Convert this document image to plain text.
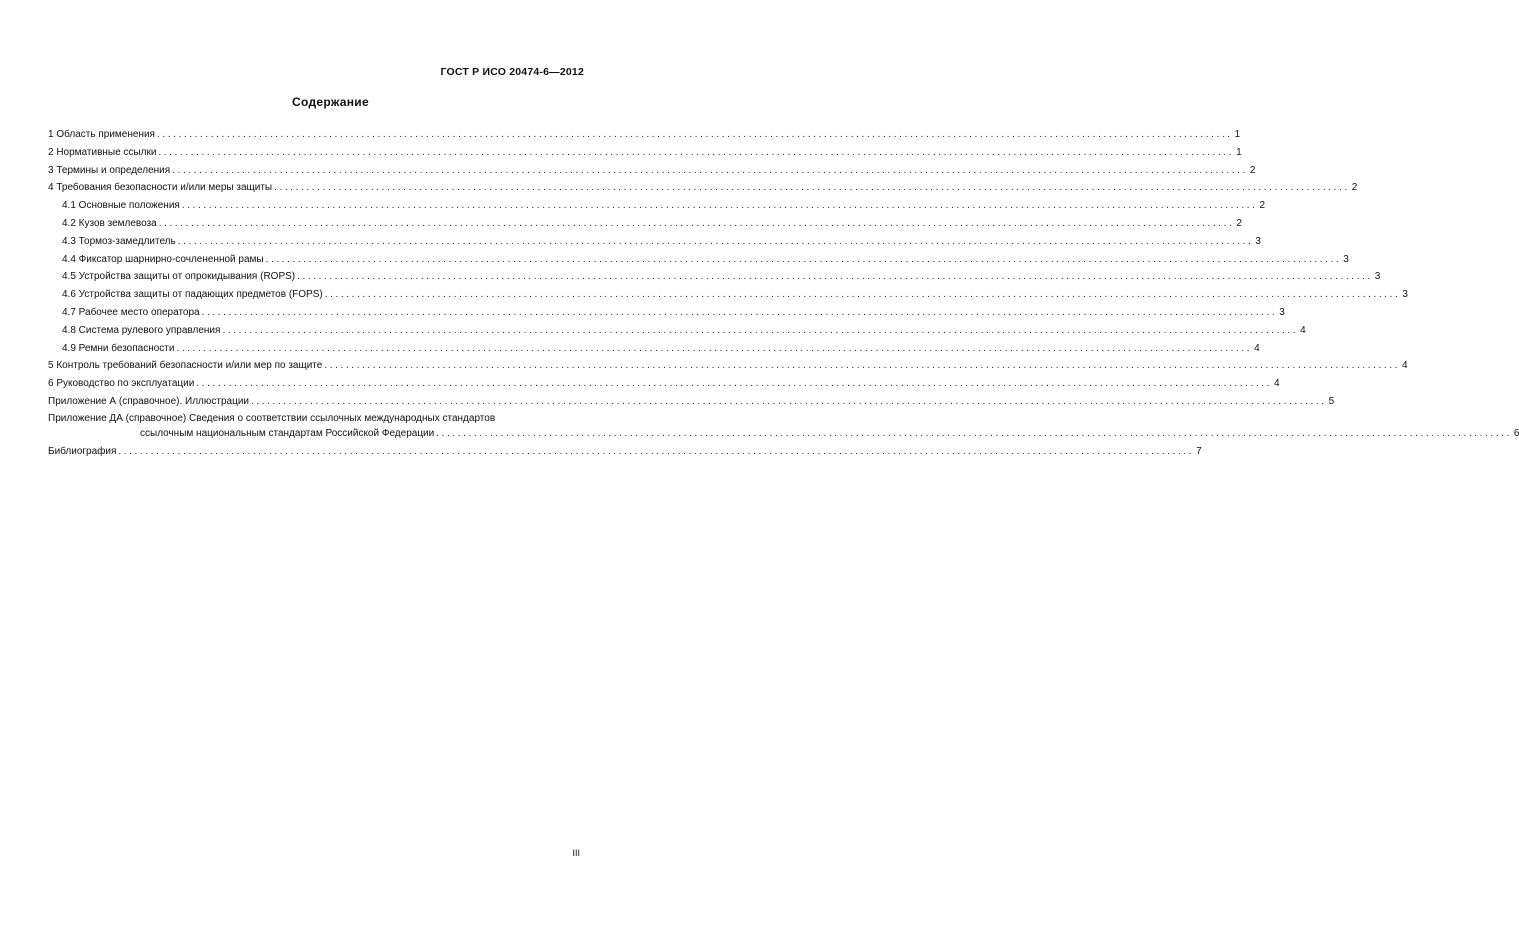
ГОСТ Р ИСО 20474-6—2012
Содержание
1 Область применения ........................................................................................................................................................................................................ 1
2 Нормативные ссылки ........................................................................................................................................................................................................ 1
3 Термины и определения ........................................................................................................................................................................................................ 2
4 Требования безопасности и/или меры защиты ........................................................................................................................................................................................................ 2
4.1 Основные положения ........................................................................................................................................................................................................ 2
4.2 Кузов землевоза ........................................................................................................................................................................................................ 2
4.3 Тормоз-замедлитель ........................................................................................................................................................................................................ 3
4.4 Фиксатор шарнирно-сочлененной рамы ........................................................................................................................................................................................................ 3
4.5 Устройства защиты от опрокидывания (ROPS) ........................................................................................................................................................................................................ 3
4.6 Устройства защиты от падающих предметов (FOPS) ........................................................................................................................................................................................................ 3
4.7 Рабочее место оператора ........................................................................................................................................................................................................ 3
4.8 Система рулевого управления ........................................................................................................................................................................................................ 4
4.9 Ремни безопасности ........................................................................................................................................................................................................ 4
5 Контроль требований безопасности и/или мер по защите ........................................................................................................................................................................................................ 4
6 Руководство по эксплуатации ........................................................................................................................................................................................................ 4
Приложение А (справочное). Иллюстрации ........................................................................................................................................................................................................ 5
Приложение ДА (справочное) Сведения о соответствии ссылочных международных стандартов
ссылочным национальным стандартам Российской Федерации ........................................................................................................................................................................................................ 6
Библиография ........................................................................................................................................................................................................ 7
III
